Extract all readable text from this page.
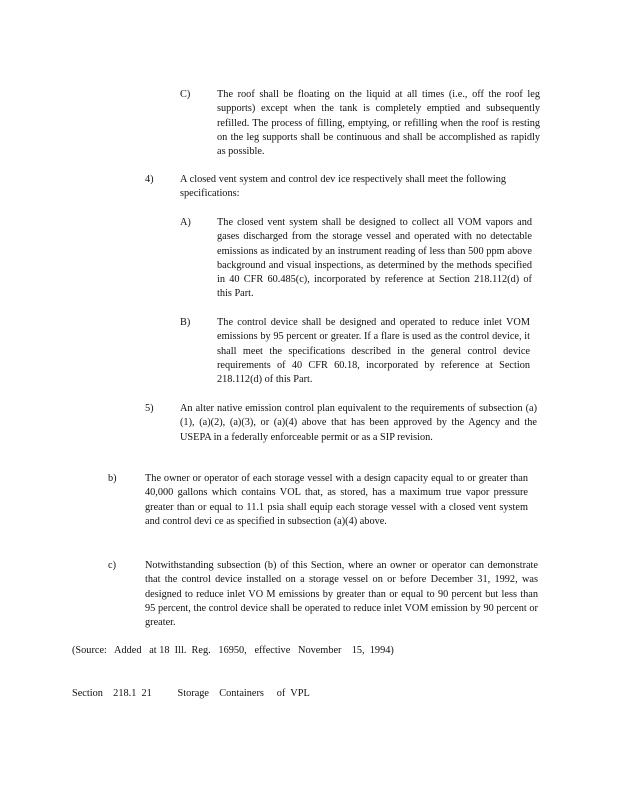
C)	The roof shall be floating on the liquid at all times (i.e., off the roof leg supports) except when the tank is completely emptied and subsequently refilled. The process of filling, emptying, or refilling when the roof is resting on the leg supports shall be continuous and shall be accomplished as rapidly as possible.

4)	A closed vent system and control dev ice respectively shall meet the following specifications:

A)	The closed vent system shall be designed to collect all VOM vapors and gases discharged from the storage vessel and operated with no detectable emissions as indicated by an instrument reading of less than 500 ppm above background and visual inspections, as determined by the methods specified in 40 CFR 60.485(c), incorporated by reference at Section 218.112(d) of this Part.

B)	The control device shall be designed and operated to reduce inlet VOM emissions by 95 percent or greater. If a flare is used as the control device, it shall meet the specifications described in the general control device requirements of 40 CFR 60.18, incorporated by reference at Section 218.112(d) of this Part.

5)	An alter native emission control plan equivalent to the requirements of subsection (a)(1), (a)(2), (a)(3), or (a)(4) above that has been approved by the Agency and the USEPA in a federally enforceable permit or as a SIP revision.

b)	The owner or operator of each storage vessel with a design capacity equal to or greater than 40,000 gallons which contains VOL that, as stored, has a maximum true vapor pressure greater than or equal to 11.1 psia shall equip each storage vessel with a closed vent system and control devi ce as specified in subsection (a)(4) above.

c)	Notwithstanding subsection (b) of this Section, where an owner or operator can demonstrate that the control device installed on a storage vessel on or before December 31, 1992, was designed to reduce inlet VO M emissions by greater than or equal to 90 percent but less than 95 percent, the control device shall be operated to reduce inlet VOM emission by 90 percent or greater.

(Source:   Added   at 18  Ill.  Reg.   16950,   effective   November    15,  1994)
Section    218.1  21          Storage    Containers     of  VPL
